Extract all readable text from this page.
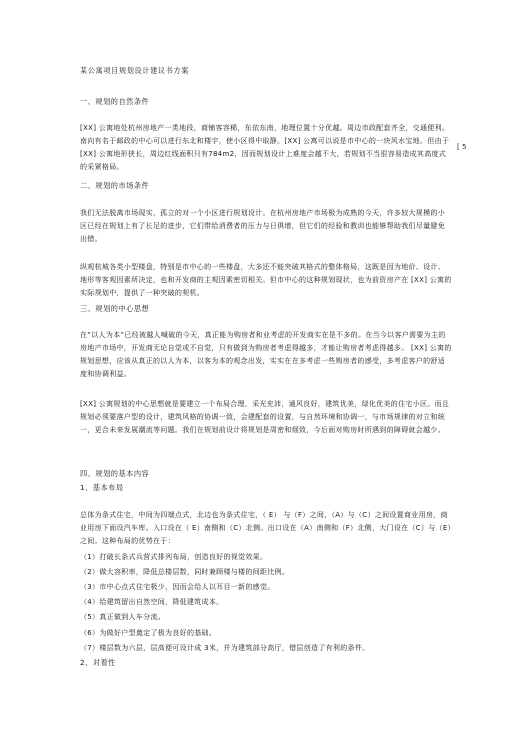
某公寓项目规划设计建议书方案
一、规划的自然条件
[XX] 公寓地处杭州房地产一类地段，商铺客容稀，东依东南，地理位置十分优越。周边市政配套齐全，交通便利。南向有名于邮政的中心可以进行东北和楼宇，使小区得中取静。[XX] 公寓可以说是市中心的一块风水宝地。但由于 [XX] 公寓地形狭长，周边红线面积只有784m2，因而规划设计上难度会越不大，若规划不当很容易造成其高度式的采紧格局。
[ 5
二、规划的市场条件
我们无法脱离市场现实，孤立的对一个小区进行规划设计。在杭州房地产市场极为成熟的今天，许多较大规模的小区已经在规划上有了长足的进步，它们带给消费者的压力与日俱增，但它们的经验和教训也能够帮助我们尽量避免出错。
纵观杭城各类小型楼盘，特别是市中心的一些楼盘，大多还不能突破其格式的整体格局，这既是因为地价、设计、地形等客观因素所决定，也和开发商的主观因素密切相关。但市中心的这种规划现状，也为前资房产在 [XX] 公寓的实际规划中，提供了一种突破的契机。
三、规划的中心思想
在“以人为本”已经被越人喊破的今天，真正能为购房者和业考虑的开发商实在是不多的。在当今以客户需要为主的房地产市场中，开发商无论自觉或不自觉，只有做到为购房者考虑得越多，才能让购房者考虑得越多。 [XX] 公寓的规划思想，应该从真正的以人为本，以客为本的观念出发，实实在在多考虑一些购房者的感受，多考虑客户的舒适度和协调利益。
[XX] 公寓规划的中心思想就是要建立一个布局合理，采光充沛，通风良好，建筑优美，绿化优美的住宅小区。而且规划必须要落户型的设计，建筑风格的协调一致，会建配套的设置，与自然环境和协调一，与市场规律的对立和统一，更合未来发展潮流等问题。我们在规划前设计将规划是周密和细致，今后面对购房时所遇到的障碍就会越少。
四、规划的基本内容
1、基本布局
总体为条式住宅，中间为四端点式，北边也为条式住宅，（ E） 与（F）之间，（A）与（C）之间设置商业用房，商业用房下面设汽车库。入口设在（ E）南侧和（C）北侧。出口设在（A）南侧和（F）北侧，大门设在（C）与（E）之间。这种布局的优势在于：
（1）打破长条式兵营式排列布局，创造良好的视觉效果。
（2）做大容积率，降低总楼层数，同时兼顾楼与楼的间距比例。
（3）市中心点式住宅极少，因而会给人以耳目一新的感觉。
（4）给建筑留出自然空间，降低建筑成本。
（5）真正做到人车分流。
（6）为做好户型奠定了极为良好的基础。
（7）楼层数为六层，层高便可设计成 3米，并为建筑部分高厅，错层创造了有利的条件。
2、对着性
